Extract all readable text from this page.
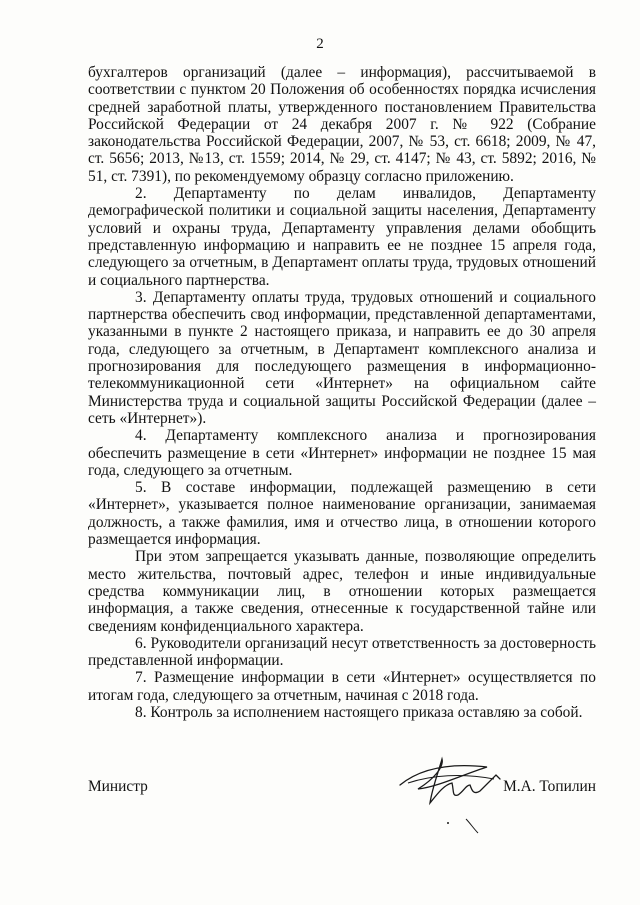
2

бухгалтеров организаций (далее – информация), рассчитываемой в соответствии с пунктом 20 Положения об особенностях порядка исчисления средней заработной платы, утвержденного постановлением Правительства Российской Федерации от 24 декабря 2007 г. № 922 (Собрание законодательства Российской Федерации, 2007, № 53, ст. 6618; 2009, № 47, ст. 5656; 2013, №13, ст. 1559; 2014, № 29, ст. 4147; № 43, ст. 5892; 2016, № 51, ст. 7391), по рекомендуемому образцу согласно приложению.

2. Департаменту по делам инвалидов, Департаменту демографической политики и социальной защиты населения, Департаменту условий и охраны труда, Департаменту управления делами обобщить представленную информацию и направить ее не позднее 15 апреля года, следующего за отчетным, в Департамент оплаты труда, трудовых отношений и социального партнерства.

3. Департаменту оплаты труда, трудовых отношений и социального партнерства обеспечить свод информации, представленной департаментами, указанными в пункте 2 настоящего приказа, и направить ее до 30 апреля года, следующего за отчетным, в Департамент комплексного анализа и прогнозирования для последующего размещения в информационно-телекоммуникационной сети «Интернет» на официальном сайте Министерства труда и социальной защиты Российской Федерации (далее – сеть «Интернет»).

4. Департаменту комплексного анализа и прогнозирования обеспечить размещение в сети «Интернет» информации не позднее 15 мая года, следующего за отчетным.

5. В составе информации, подлежащей размещению в сети «Интернет», указывается полное наименование организации, занимаемая должность, а также фамилия, имя и отчество лица, в отношении которого размещается информация.

При этом запрещается указывать данные, позволяющие определить место жительства, почтовый адрес, телефон и иные индивидуальные средства коммуникации лиц, в отношении которых размещается информация, а также сведения, отнесенные к государственной тайне или сведениям конфиденциального характера.

6. Руководители организаций несут ответственность за достоверность представленной информации.

7. Размещение информации в сети «Интернет» осуществляется по итогам года, следующего за отчетным, начиная с 2018 года.

8. Контроль за исполнением настоящего приказа оставляю за собой.

Министр	М.А. Топилин
